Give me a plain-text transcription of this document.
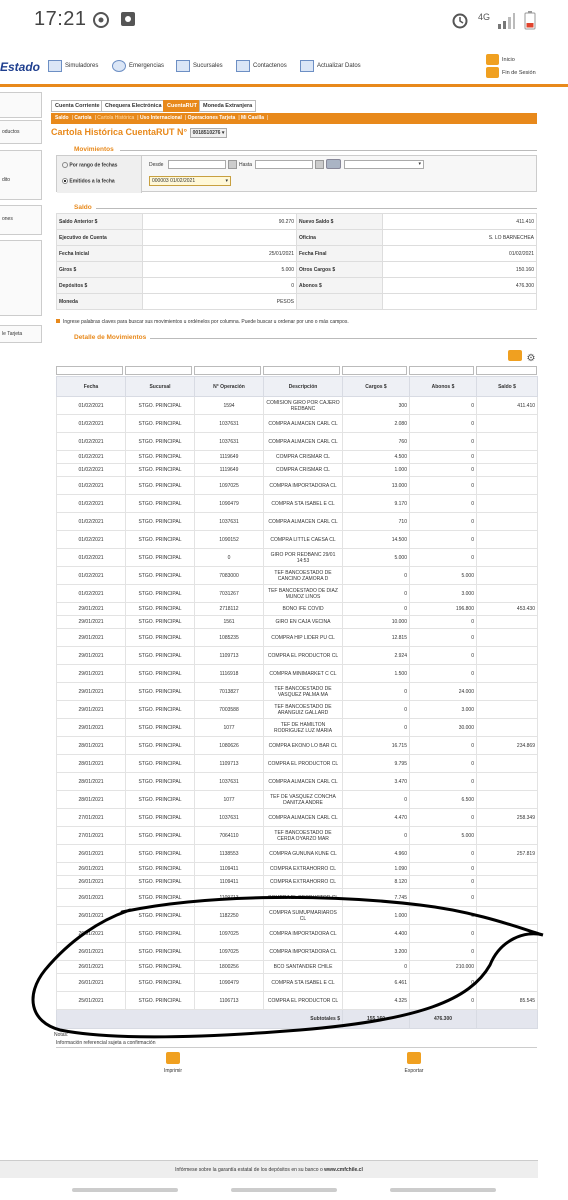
17:21	4G
Estado	Simuladores	Emergencias	Sucursales	Contactenos	Actualizar Datos
Inicio
Fin de Sesión
oductos
dito
ones
le Tarjeta
Cuenta Corriente Chequera Electrónica CuentaRUT	Moneda Extranjera
Saldo | Cartola | Cartola Histórica | Uso Internacional | Operaciones Tarjeta | Mi Casilla |
Cartola Histórica CuentaRUT N° 0018510276 ▾
Movimientos
Por rango de fechas
Emitidos a la fecha
Desde	Hasta	▾
000003 01/02/2021	▾
Saldo
Saldo Anterior $	90.270	Nuevo Saldo $	411.410
Ejecutivo de Cuenta		Oficina	S. LO BARNECHEA
Fecha Inicial	25/01/2021	Fecha Final	01/02/2021
Giros $	5.000	Otros Cargos $	150.160
Depósitos $	0	Abonos $	476.300
Moneda	PESOS		
Ingrese palabras claves para buscar sus movimientos u ordénelos por columna. Puede buscar u ordenar por uno o más campos.
Detalle de Movimientos
⚙
Fecha	Sucursal	N° Operación	Descripción	Cargos $	Abonos $	Saldo $
01/02/2021	STGO. PRINCIPAL	1594	COMISION GIRO POR CAJERO REDBANC	300	0	411.410
01/02/2021	STGO. PRINCIPAL	1037631	COMPRA ALMACEN CARL CL	2.080	0	
01/02/2021	STGO. PRINCIPAL	1037631	COMPRA ALMACEN CARL CL	760	0	
01/02/2021	STGO. PRINCIPAL	1119649	COMPRA CRISMAR CL	4.500	0	
01/02/2021	STGO. PRINCIPAL	1119649	COMPRA CRISMAR CL	1.000	0	
01/02/2021	STGO. PRINCIPAL	1097025	COMPRA IMPORTADORA CL	13.000	0	
01/02/2021	STGO. PRINCIPAL	1090479	COMPRA STA ISABEL E CL	9.170	0	
01/02/2021	STGO. PRINCIPAL	1037631	COMPRA ALMACEN CARL CL	710	0	
01/02/2021	STGO. PRINCIPAL	1090152	COMPRA LITTLE CAESA CL	14.500	0	
01/02/2021	STGO. PRINCIPAL	0	GIRO POR REDBANC 29/01 14:53	5.000	0	
01/02/2021	STGO. PRINCIPAL	7083000	TEF BANCOESTADO DE CANCINO ZAMORA D	0	5.000	
01/02/2021	STGO. PRINCIPAL	7031267	TEF BANCOESTADO DE DIAZ MUNOZ LINOS	0	3.000	
29/01/2021	STGO. PRINCIPAL	2718112	BONO IFE COVID	0	196.800	453.430
29/01/2021	STGO. PRINCIPAL	1561	GIRO EN CAJA VECINA	10.000	0	
29/01/2021	STGO. PRINCIPAL	1085235	COMPRA HIP LIDER PU CL	12.815	0	
29/01/2021	STGO. PRINCIPAL	1109713	COMPRA EL PRODUCTOR CL	2.924	0	
29/01/2021	STGO. PRINCIPAL	1116918	COMPRA MINIMARKET C CL	1.500	0	
29/01/2021	STGO. PRINCIPAL	7013827	TEF BANCOESTADO DE VASQUEZ PALMA MA	0	24.000	
29/01/2021	STGO. PRINCIPAL	7003588	TEF BANCOESTADO DE ARANGUIZ GALLARD	0	3.000	
29/01/2021	STGO. PRINCIPAL	1077	TEF DE HAMILTON RODRIGUEZ LUZ MARIA	0	30.000	
28/01/2021	STGO. PRINCIPAL	1080626	COMPRA EKONO LO BAR CL	16.715	0	234.869
28/01/2021	STGO. PRINCIPAL	1109713	COMPRA EL PRODUCTOR CL	9.795	0	
28/01/2021	STGO. PRINCIPAL	1037631	COMPRA ALMACEN CARL CL	3.470	0	
28/01/2021	STGO. PRINCIPAL	1077	TEF DE VASQUEZ CONCHA DANITZA ANDRE	0	6.500	
27/01/2021	STGO. PRINCIPAL	1037631	COMPRA ALMACEN CARL CL	4.470	0	258.349
27/01/2021	STGO. PRINCIPAL	7064110	TEF BANCOESTADO DE CERDA OYARZO MAR	0	5.000	
26/01/2021	STGO. PRINCIPAL	1138553	COMPRA GUNUNA KUNE CL	4.960	0	257.819
26/01/2021	STGO. PRINCIPAL	1109411	COMPRA EXTRAHORRO CL	1.090	0	
26/01/2021	STGO. PRINCIPAL	1109411	COMPRA EXTRAHORRO CL	8.120	0	
26/01/2021	STGO. PRINCIPAL	1109713	COMPRA EL PRODUCTOR CL	7.745	0	
26/01/2021	STGO. PRINCIPAL	1182250	COMPRA SUMUPMARIAROS CL	1.000	0	
26/01/2021	STGO. PRINCIPAL	1097025	COMPRA IMPORTADORA CL	4.400	0	
26/01/2021	STGO. PRINCIPAL	1097025	COMPRA IMPORTADORA CL	3.200	0	
26/01/2021	STGO. PRINCIPAL	1800256	BCO SANTANDER CHILE	0	210.000	
26/01/2021	STGO. PRINCIPAL	1090479	COMPRA STA ISABEL E CL	6.461	0	
25/01/2021	STGO. PRINCIPAL	1106713	COMPRA EL PRODUCTOR CL	4.325	0	85.545
Subtotales $				155.160	476.300	
Notas:
Información referencial sujeta a confirmación
Imprimir	Exportar
Infórmese sobre la garantía estatal de los depósitos en su banco o www.cmfchile.cl
